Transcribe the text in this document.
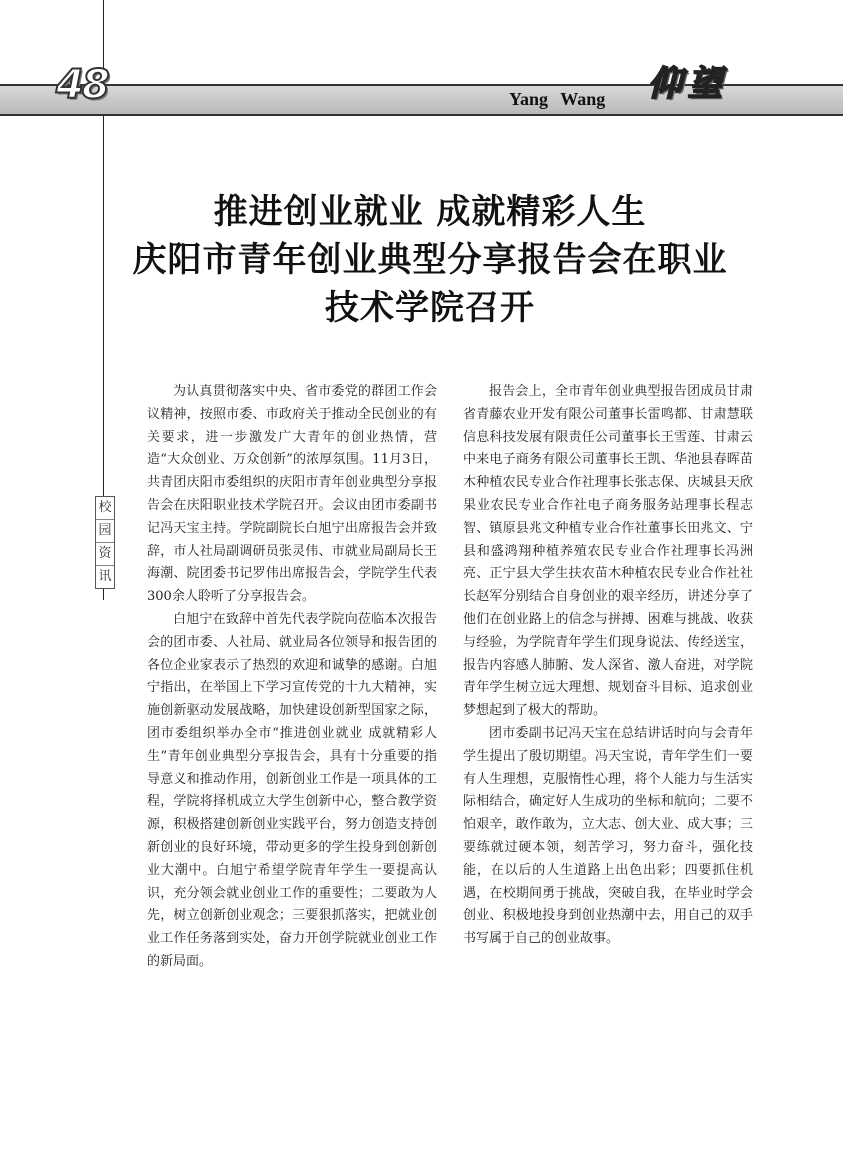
48	Yang Wang 仰望
推进创业就业 成就精彩人生
庆阳市青年创业典型分享报告会在职业
技术学院召开
校
园
资
讯

为认真贯彻落实中央、省市委党的群团工作会议精神，按照市委、市政府关于推动全民创业的有关要求，进一步激发广大青年的创业热情，营造“大众创业、万众创新”的浓厚氛围。11月3日，共青团庆阳市委组织的庆阳市青年创业典型分享报告会在庆阳职业技术学院召开。会议由团市委副书记冯天宝主持。学院副院长白旭宁出席报告会并致辞，市人社局副调研员张灵伟、市就业局副局长王海潮、院团委书记罗伟出席报告会，学院学生代表300余人聆听了分享报告会。

白旭宁在致辞中首先代表学院向莅临本次报告会的团市委、人社局、就业局各位领导和报告团的各位企业家表示了热烈的欢迎和诚挚的感谢。白旭宁指出，在举国上下学习宣传党的十九大精神，实施创新驱动发展战略，加快建设创新型国家之际，团市委组织举办全市“推进创业就业 成就精彩人生”青年创业典型分享报告会，具有十分重要的指导意义和推动作用，创新创业工作是一项具体的工程，学院将择机成立大学生创新中心，整合教学资源，积极搭建创新创业实践平台，努力创造支持创新创业的良好环境，带动更多的学生投身到创新创业大潮中。白旭宁希望学院青年学生一要提高认识，充分领会就业创业工作的重要性；二要敢为人先，树立创新创业观念；三要狠抓落实，把就业创业工作任务落到实处，奋力开创学院就业创业工作的新局面。

报告会上，全市青年创业典型报告团成员甘肃省青藤农业开发有限公司董事长雷鸣都、甘肃慧联信息科技发展有限责任公司董事长王雪莲、甘肃云中来电子商务有限公司董事长王凯、华池县春晖苗木种植农民专业合作社理事长张志保、庆城县天欣果业农民专业合作社电子商务服务站理事长程志智、镇原县兆文种植专业合作社董事长田兆文、宁县和盛鸿翔种植养殖农民专业合作社理事长冯洲亮、正宁县大学生扶农苗木种植农民专业合作社社长赵军分别结合自身创业的艰辛经历，讲述分享了他们在创业路上的信念与拼搏、困难与挑战、收获与经验，为学院青年学生们现身说法、传经送宝，报告内容感人肺腑、发人深省、激人奋进，对学院青年学生树立远大理想、规划奋斗目标、追求创业梦想起到了极大的帮助。

团市委副书记冯天宝在总结讲话时向与会青年学生提出了殷切期望。冯天宝说，青年学生们一要有人生理想，克服惰性心理，将个人能力与生活实际相结合，确定好人生成功的坐标和航向；二要不怕艰辛，敢作敢为，立大志、创大业、成大事；三要练就过硬本领，刻苦学习，努力奋斗，强化技能，在以后的人生道路上出色出彩；四要抓住机遇，在校期间勇于挑战，突破自我，在毕业时学会创业、积极地投身到创业热潮中去，用自己的双手书写属于自己的创业故事。
